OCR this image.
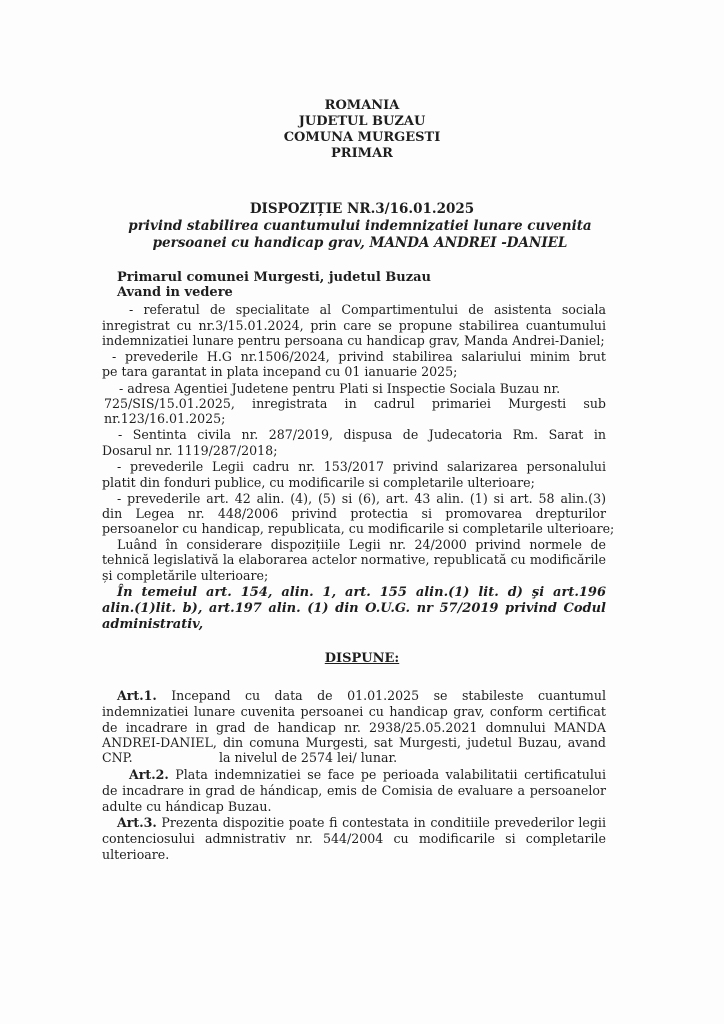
ROMANIA
JUDETUL BUZAU
COMUNA MURGESTI
PRIMAR
DISPOZIȚIE NR.3/16.01.2025
privind stabilirea cuantumului indemnizatiei lunare cuvenita
persoanei cu handicap grav, MANDA ANDREI -DANIEL
Primarul comunei Murgesti, judetul Buzau
Avand in vedere
- referatul de specialitate al Compartimentului de asistenta sociala
inregistrat cu nr.3/15.01.2024, prin care se propune stabilirea cuantumului
indemnizatiei lunare pentru persoana cu handicap grav, Manda Andrei-Daniel;
- prevederile H.G nr.1506/2024, privind stabilirea salariului minim brut
pe tara garantat in plata incepand cu 01 ianuarie 2025;
- adresa Agentiei Judetene pentru Plati si Inspectie Sociala Buzau nr.
725/SIS/15.01.2025, inregistrata in cadrul primariei Murgesti sub
nr.123/16.01.2025;
- Sentinta civila nr. 287/2019, dispusa de Judecatoria Rm. Sarat in
Dosarul nr. 1119/287/2018;
- prevederile Legii cadru nr. 153/2017 privind salarizarea personalului
platit din fonduri publice, cu modificarile si completarile ulterioare;
- prevederile art. 42 alin. (4), (5) si (6), art. 43 alin. (1) si art. 58 alin.(3)
din Legea nr. 448/2006 privind protectia si promovarea drepturilor
persoanelor cu handicap, republicata, cu modificarile si completarile ulterioare;
Luând în considerare dispozițiile Legii nr. 24/2000 privind normele de
tehnică legislativă la elaborarea actelor normative, republicată cu modificările
și completările ulterioare;
În temeiul art. 154, alin. 1, art. 155 alin.(1) lit. d) şi art.196
alin.(1)lit. b), art.197 alin. (1) din O.U.G. nr 57/2019 privind Codul
administrativ,
DISPUNE:
Art.1. Incepand cu data de 01.01.2025 se stabileste cuantumul
indemnizatiei lunare cuvenita persoanei cu handicap grav, conform certificat
de incadrare in grad de handicap nr. 2938/25.05.2021 domnului MANDA
ANDREI-DANIEL, din comuna Murgesti, sat Murgesti, judetul Buzau, avand
CNP.	la nivelul de 2574 lei/ lunar.
Art.2. Plata indemnizatiei se face pe perioada valabilitatii certificatului
de incadrare in grad de hándicap, emis de Comisia de evaluare a persoanelor
adulte cu hándicap Buzau.
Art.3. Prezenta dispozitie poate fi contestata in conditiile prevederilor legii
contenciosului admnistrativ nr. 544/2004 cu modificarile si completarile
ulterioare.
